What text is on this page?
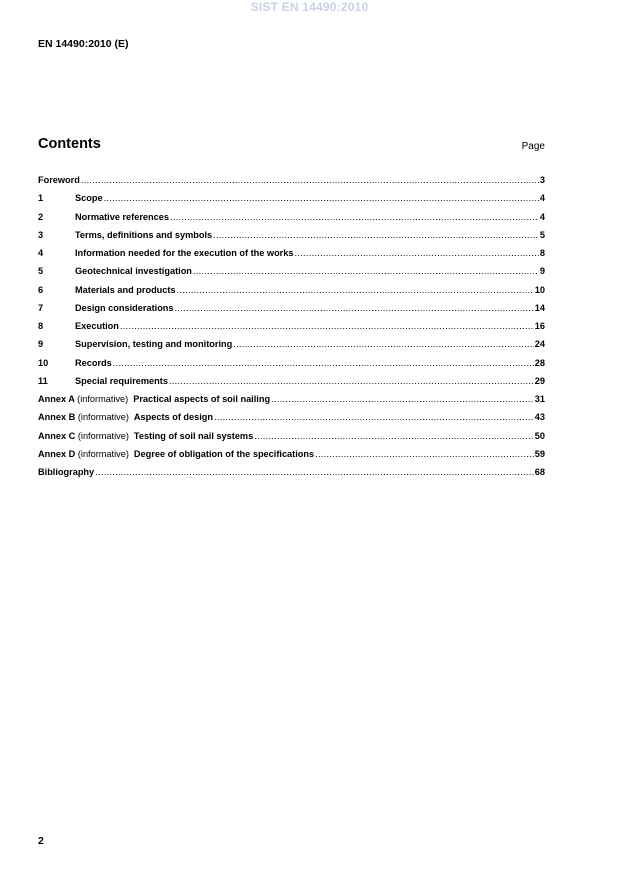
SIST EN 14490:2010
EN 14490:2010 (E)
Contents	Page
Foreword .....	3
1	Scope .....	4
2	Normative references .....	4
3	Terms, definitions and symbols .....	5
4	Information needed for the execution of the works .....	8
5	Geotechnical investigation .....	9
6	Materials and products .....	10
7	Design considerations .....	14
8	Execution .....	16
9	Supervision, testing and monitoring .....	24
10	Records .....	28
11	Special requirements .....	29
Annex A (informative) Practical aspects of soil nailing .....	31
Annex B (informative) Aspects of design .....	43
Annex C (informative) Testing of soil nail systems .....	50
Annex D (informative) Degree of obligation of the specifications .....	59
Bibliography .....	68
2
